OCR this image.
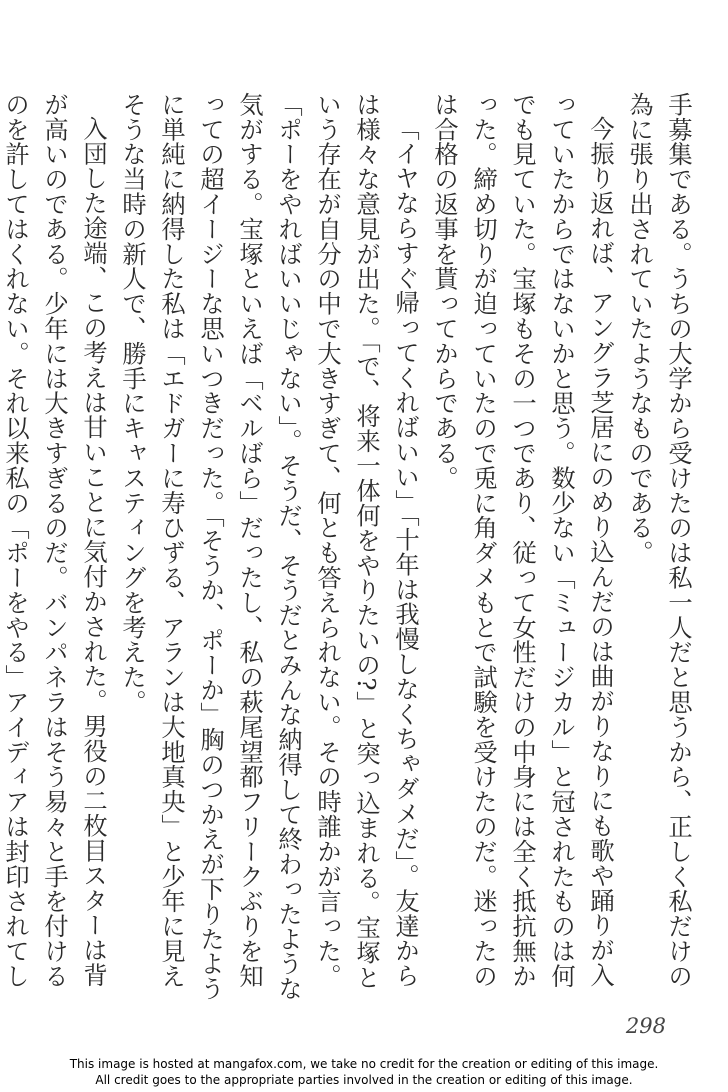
手募集である。うちの大学から受けたのは私一人だと思うから、正しく私だけの為に張り出されていたようなものである。

今振り返れば、アングラ芝居にのめり込んだのは曲がりなりにも歌や踊りが入っていたからではないかと思う。数少ない「ミュージカル」と冠されたものは何でも見ていた。宝塚もその一つであり、従って女性だけの中身には全く抵抗無かった。締め切りが迫っていたので兎に角ダメもとで試験を受けたのだ。迷ったのは合格の返事を貰ってからである。

「イヤならすぐ帰ってくればいい」「十年は我慢しなくちゃダメだ」。友達からは様々な意見が出た。「で、将来一体何をやりたいの?」と突っ込まれる。宝塚という存在が自分の中で大きすぎて、何とも答えられない。その時誰かが言った。「ポーをやればいいじゃない」。そうだ、そうだとみんな納得して終わったような気がする。宝塚といえば「ベルばら」だったし、私の萩尾望都フリークぶりを知っての超イージーな思いつきだった。「そうか、ポーか」胸のつかえが下りたように単純に納得した私は「エドガーに寿ひずる、アランは大地真央」と少年に見えそうな当時の新人で、勝手にキャスティングを考えた。

入団した途端、この考えは甘いことに気付かされた。男役の二枚目スターは背が高いのである。少年には大きすぎるのだ。バンパネラはそう易々と手を付けるのを許してはくれない。それ以来私の「ポーをやる」アイディアは封印されてし

298
This image is hosted at mangafox.com, we take no credit for the creation or editing of this image.
All credit goes to the appropriate parties involved in the creation or editing of this image.
